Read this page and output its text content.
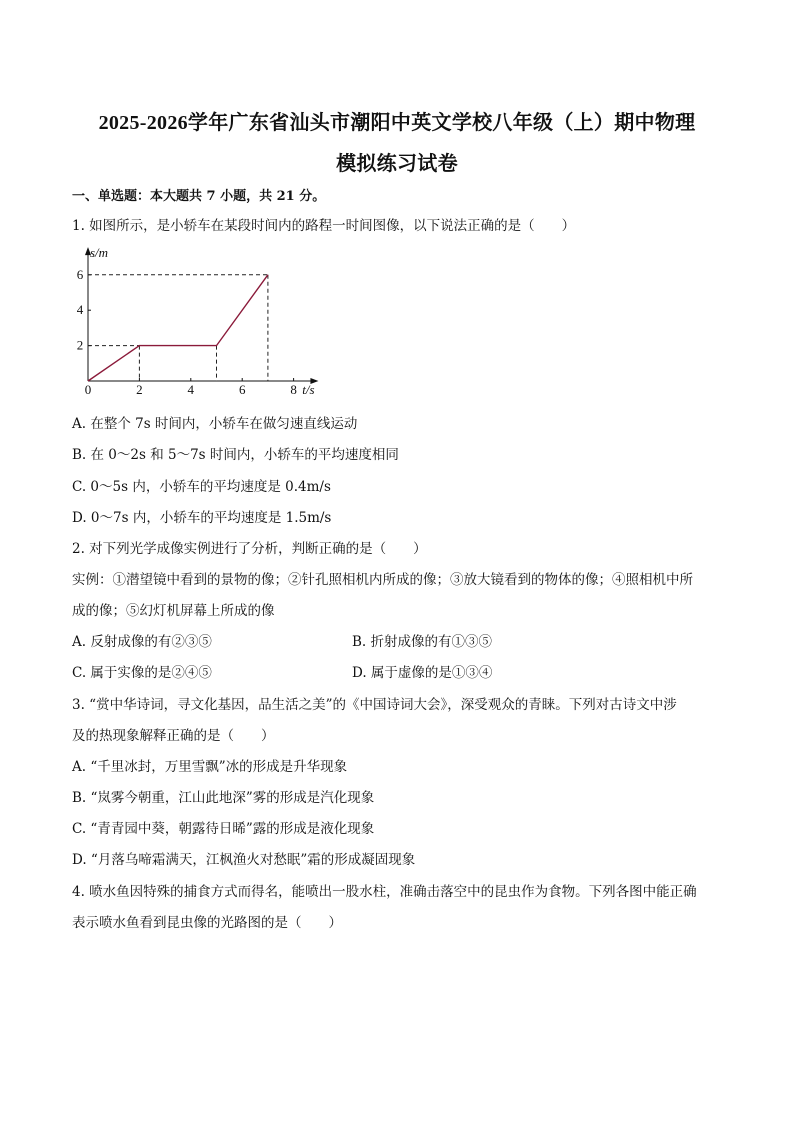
2025-2026学年广东省汕头市潮阳中英文学校八年级（上）期中物理
模拟练习试卷
一、单选题：本大题共 7 小题，共 21 分。
1. 如图所示，是小轿车在某段时间内的路程一时间图像，以下说法正确的是（　　）
0	2	4	6	8
2
4
6
t/s
s/m
A. 在整个 7s 时间内，小轿车在做匀速直线运动
B. 在 0～2s 和 5～7s 时间内，小轿车的平均速度相同
C. 0～5s 内，小轿车的平均速度是 0.4m/s
D. 0～7s 内，小轿车的平均速度是 1.5m/s
2. 对下列光学成像实例进行了分析，判断正确的是（　　）
实例：①潜望镜中看到的景物的像；②针孔照相机内所成的像；③放大镜看到的物体的像；④照相机中所
成的像；⑤幻灯机屏幕上所成的像
A. 反射成像的有②③⑤	B. 折射成像的有①③⑤
C. 属于实像的是②④⑤	D. 属于虚像的是①③④
3. “赏中华诗词，寻文化基因，品生活之美”的《中国诗词大会》，深受观众的青睐。下列对古诗文中涉
及的热现象解释正确的是（　　）
A. “千里冰封，万里雪飘”冰的形成是升华现象
B. “岚雾今朝重，江山此地深”雾的形成是汽化现象
C. “青青园中葵，朝露待日晞”露的形成是液化现象
D. “月落乌啼霜满天，江枫渔火对愁眠”霜的形成凝固现象
4. 喷水鱼因特殊的捕食方式而得名，能喷出一股水柱，准确击落空中的昆虫作为食物。下列各图中能正确
表示喷水鱼看到昆虫像的光路图的是（　　）
